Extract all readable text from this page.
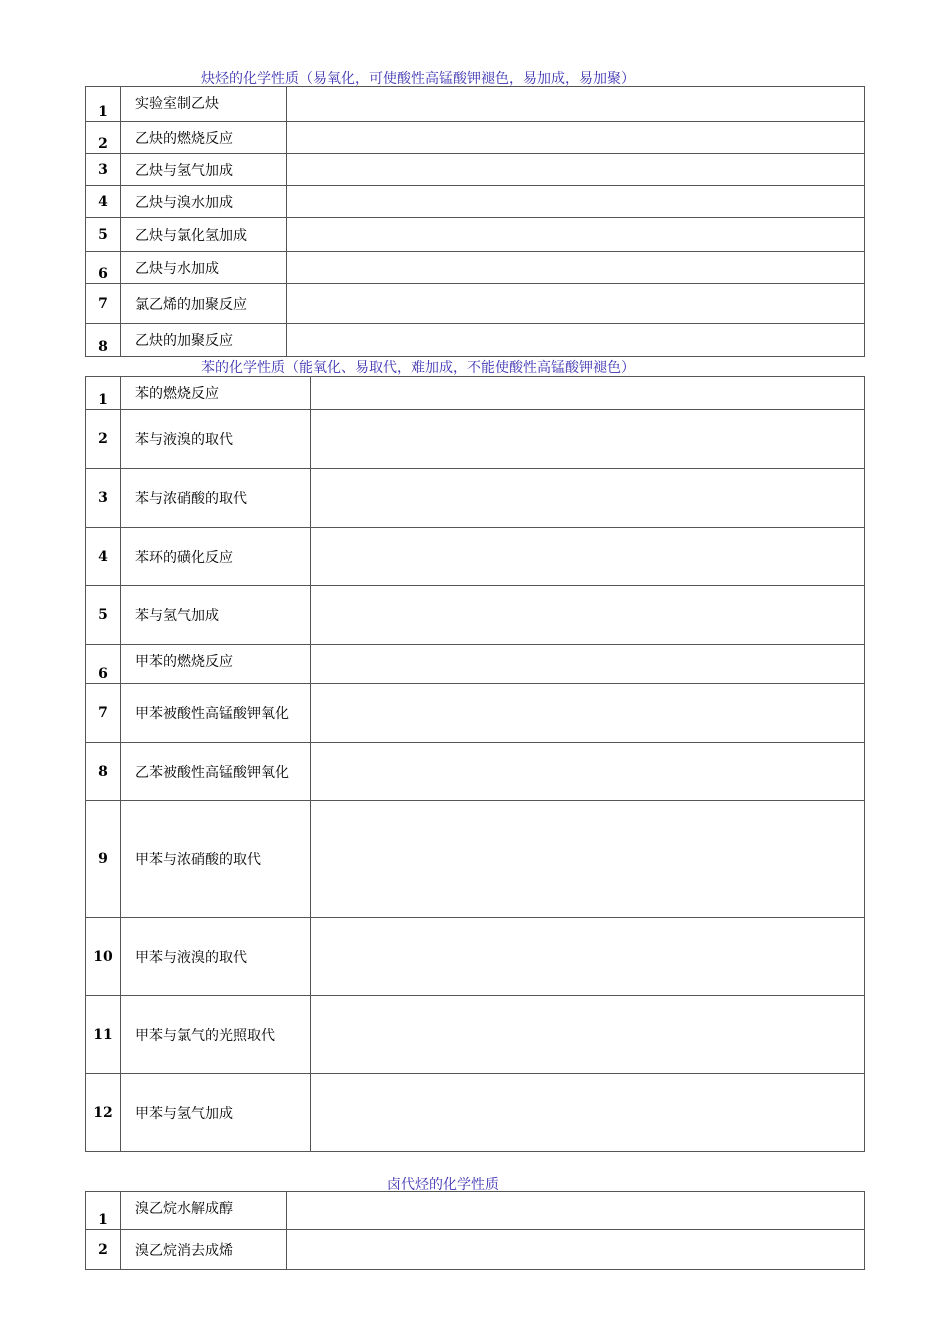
炔烃的化学性质（易氧化，可使酸性高锰酸钾褪色，易加成，易加聚）
1	实验室制乙炔	
2	乙炔的燃烧反应	
3	乙炔与氢气加成	
4	乙炔与溴水加成	
5	乙炔与氯化氢加成	
6	乙炔与水加成	
7	氯乙烯的加聚反应	
8	乙炔的加聚反应	
苯的化学性质（能氧化、易取代，难加成，不能使酸性高锰酸钾褪色）
1	苯的燃烧反应	
2	苯与液溴的取代	
3	苯与浓硝酸的取代	
4	苯环的磺化反应	
5	苯与氢气加成	
6	甲苯的燃烧反应	
7	甲苯被酸性高锰酸钾氧化	
8	乙苯被酸性高锰酸钾氧化	
9	甲苯与浓硝酸的取代	
10	甲苯与液溴的取代	
11	甲苯与氯气的光照取代	
12	甲苯与氢气加成	
卤代烃的化学性质
1	溴乙烷水解成醇	
2	溴乙烷消去成烯	
